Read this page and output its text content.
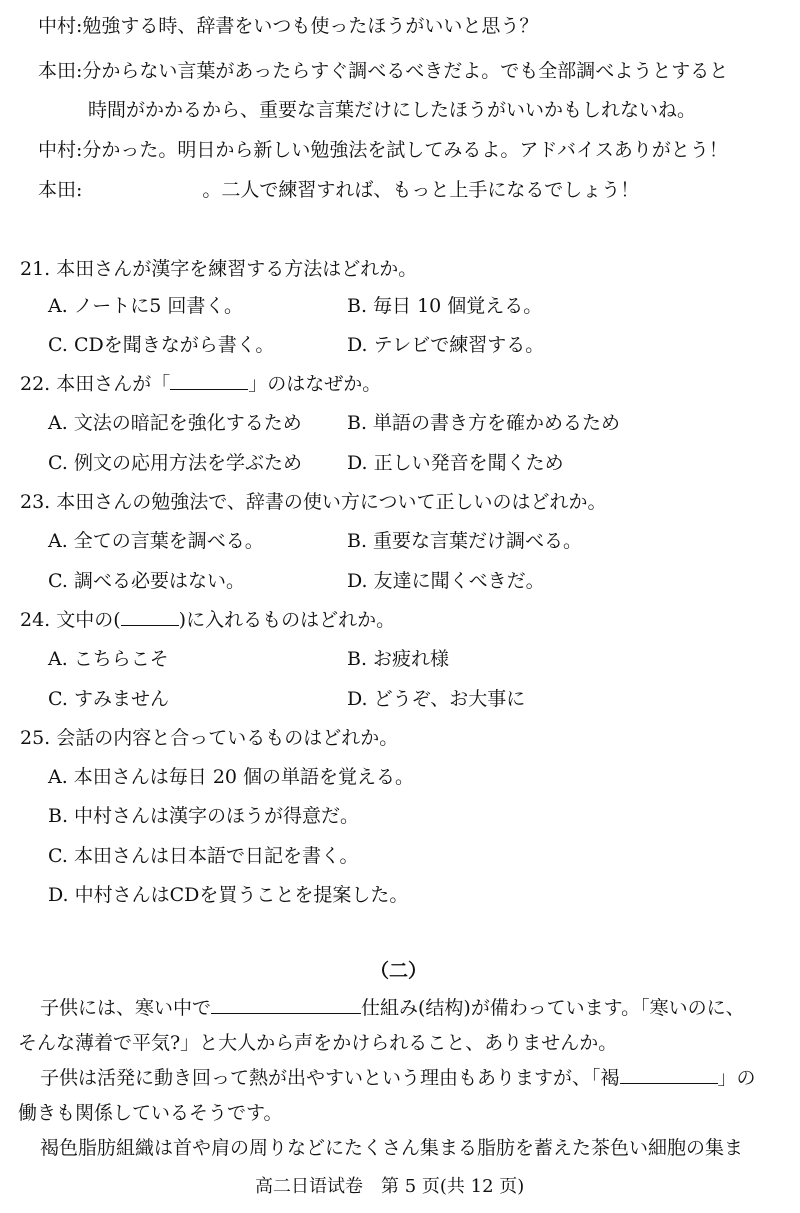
中村:勉強する時、辞書をいつも使ったほうがいいと思う？
本田:分からない言葉があったらすぐ調べるべきだよ。でも全部調べようとすると
時間がかかるから、重要な言葉だけにしたほうがいいかもしれないね。
中村:分かった。明日から新しい勉強法を試してみるよ。アドバイスありがとう！
本田:	。二人で練習すれば、もっと上手になるでしょう！
21. 本田さんが漢字を練習する方法はどれか。
A. ノートに5 回書く。	B. 毎日 10 個覚える。
C. CDを聞きながら書く。	D. テレビで練習する。
22. 本田さんが「	」のはなぜか。
A. 文法の暗記を強化するため B. 単語の書き方を確かめるため
C. 例文の応用方法を学ぶため D. 正しい発音を聞くため
23. 本田さんの勉強法で、辞書の使い方について正しいのはどれか。
A. 全ての言葉を調べる。	B. 重要な言葉だけ調べる。
C. 調べる必要はない。	D. 友達に聞くべきだ。
24. 文中の(	)に入れるものはどれか。
A. こちらこそ	B. お疲れ様
C. すみません	D. どうぞ、お大事に
25. 会話の内容と合っているものはどれか。
A. 本田さんは毎日 20 個の単語を覚える。
B. 中村さんは漢字のほうが得意だ。
C. 本田さんは日本語で日記を書く。
D. 中村さんはCDを買うことを提案した。
（二）
子供には、寒い中で	仕組み(结构)が備わっています。「寒いのに、
そんな薄着で平気?」と大人から声をかけられること、ありませんか。
子供は活発に動き回って熱が出やすいという理由もありますが、「褐	」の
働きも関係しているそうです。
褐色脂肪組織は首や肩の周りなどにたくさん集まる脂肪を蓄えた茶色い細胞の集ま
高二日语试卷　第 5 页(共 12 页)
